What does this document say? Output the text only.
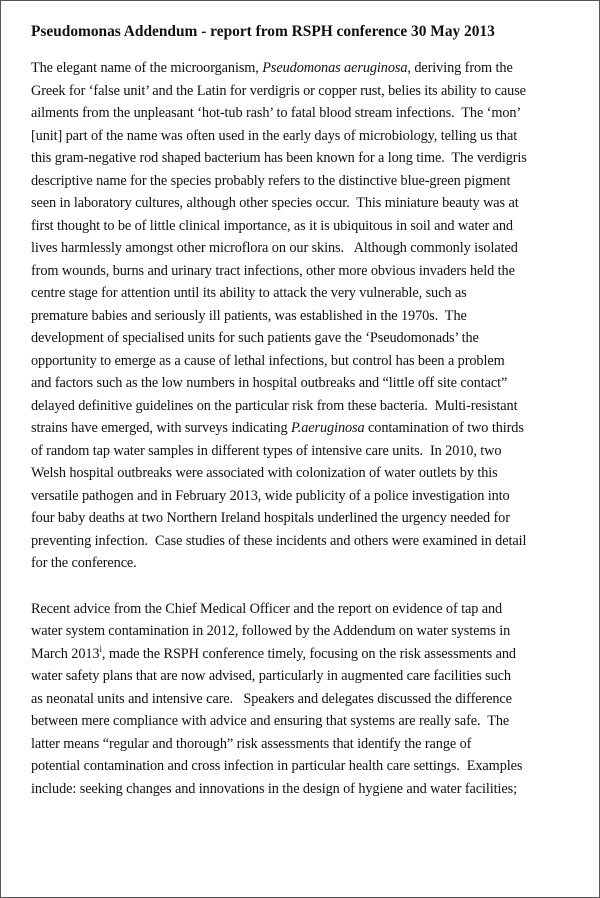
Pseudomonas Addendum - report from RSPH conference 30 May 2013

The elegant name of the microorganism, Pseudomonas aeruginosa, deriving from the
Greek for ‘false unit’ and the Latin for verdigris or copper rust, belies its ability to cause
ailments from the unpleasant ‘hot-tub rash’ to fatal blood stream infections.  The ‘mon’
[unit] part of the name was often used in the early days of microbiology, telling us that
this gram-negative rod shaped bacterium has been known for a long time.  The verdigris
descriptive name for the species probably refers to the distinctive blue-green pigment
seen in laboratory cultures, although other species occur.  This miniature beauty was at
first thought to be of little clinical importance, as it is ubiquitous in soil and water and
lives harmlessly amongst other microflora on our skins.   Although commonly isolated
from wounds, burns and urinary tract infections, other more obvious invaders held the
centre stage for attention until its ability to attack the very vulnerable, such as
premature babies and seriously ill patients, was established in the 1970s.  The
development of specialised units for such patients gave the ‘Pseudomonads’ the
opportunity to emerge as a cause of lethal infections, but control has been a problem
and factors such as the low numbers in hospital outbreaks and “little off site contact”
delayed definitive guidelines on the particular risk from these bacteria.  Multi-resistant
strains have emerged, with surveys indicating P.aeruginosa contamination of two thirds
of random tap water samples in different types of intensive care units.  In 2010, two
Welsh hospital outbreaks were associated with colonization of water outlets by this
versatile pathogen and in February 2013, wide publicity of a police investigation into
four baby deaths at two Northern Ireland hospitals underlined the urgency needed for
preventing infection.  Case studies of these incidents and others were examined in detail
for the conference.

Recent advice from the Chief Medical Officer and the report on evidence of tap and
water system contamination in 2012, followed by the Addendum on water systems in
March 2013$^i$, made the RSPH conference timely, focusing on the risk assessments and
water safety plans that are now advised, particularly in augmented care facilities such
as neonatal units and intensive care.   Speakers and delegates discussed the difference
between mere compliance with advice and ensuring that systems are really safe.  The
latter means “regular and thorough” risk assessments that identify the range of
potential contamination and cross infection in particular health care settings.  Examples
include: seeking changes and innovations in the design of hygiene and water facilities;
